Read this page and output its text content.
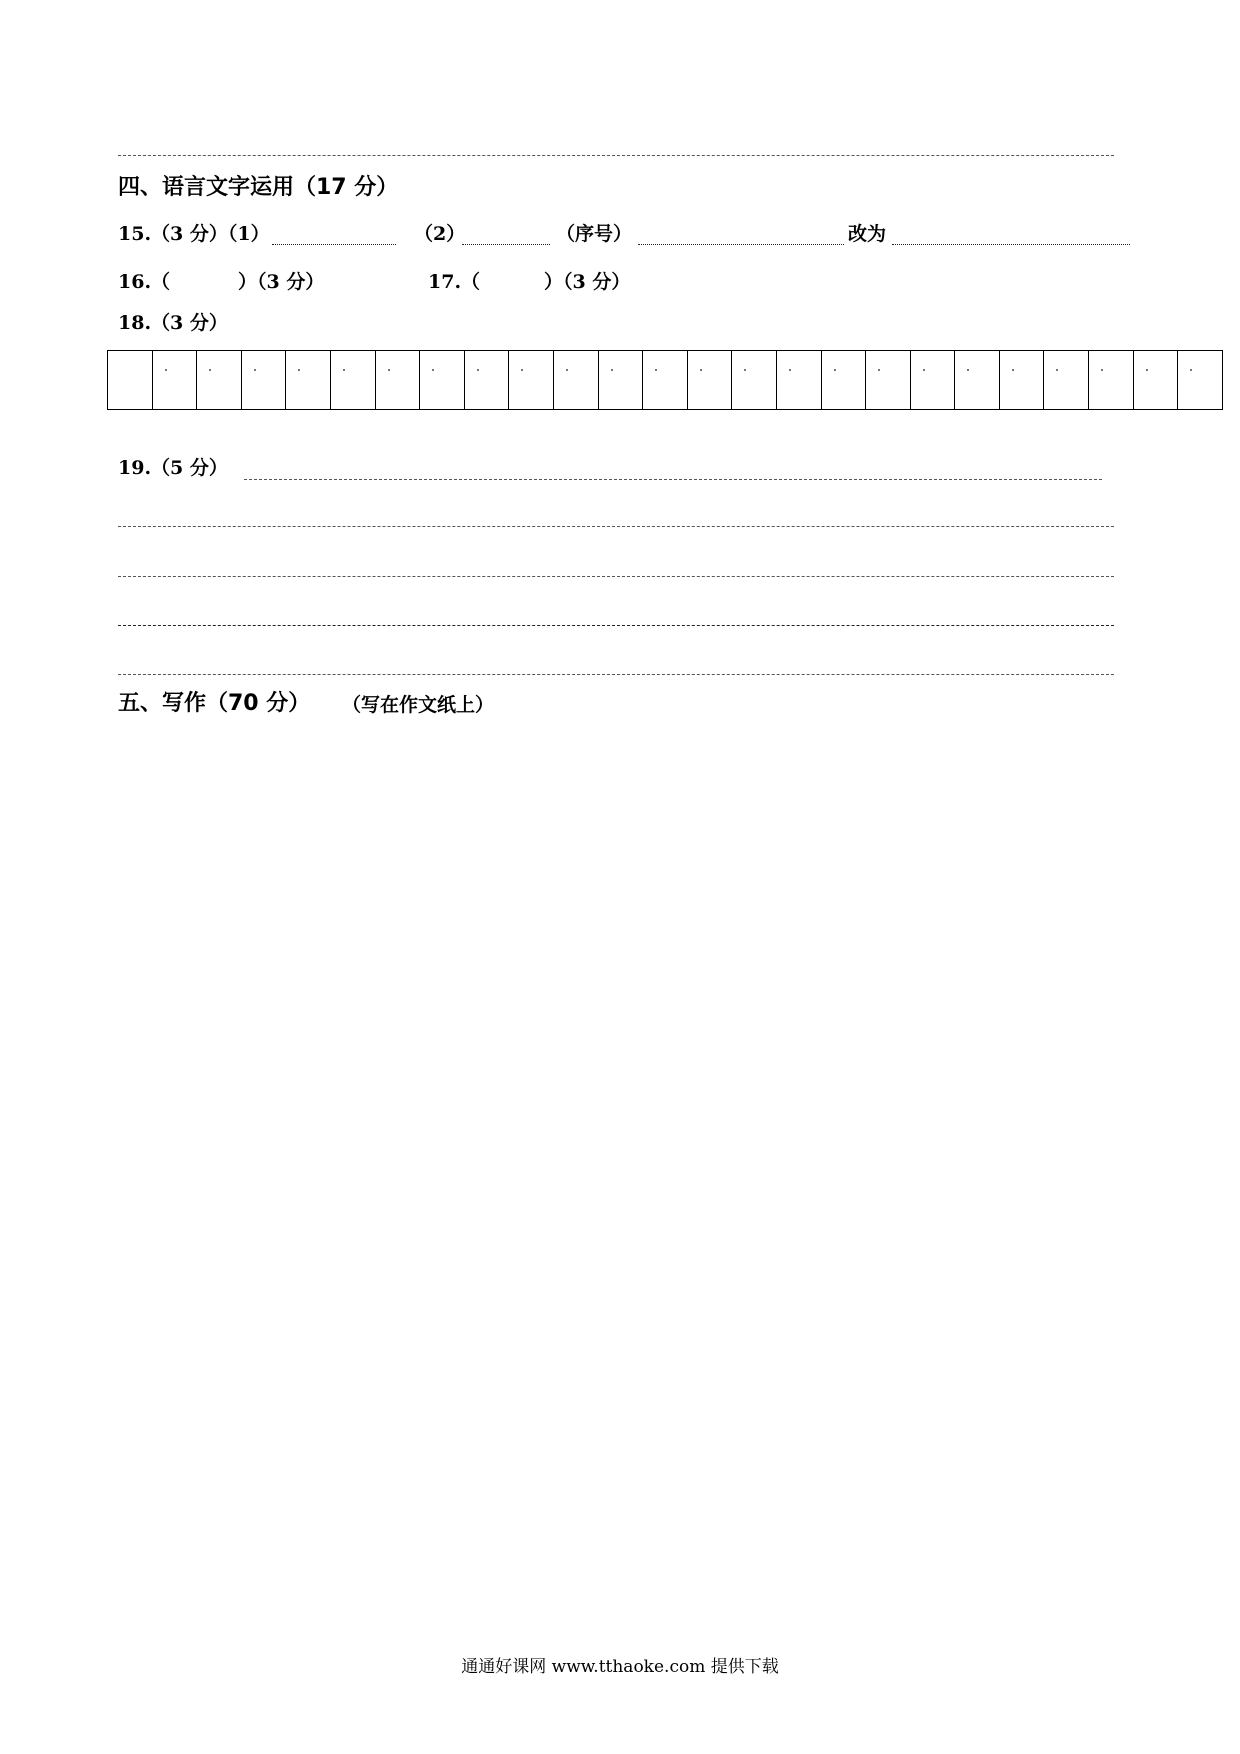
四、语言文字运用（17 分）
15.（3 分）（1）	（2）	（序号）	改为
16.（	）（3 分）	17.（	）（3 分）
18.（3 分）
19.（5 分）
五、写作（70 分） （写在作文纸上）
通通好课网 www.tthaoke.com 提供下载
